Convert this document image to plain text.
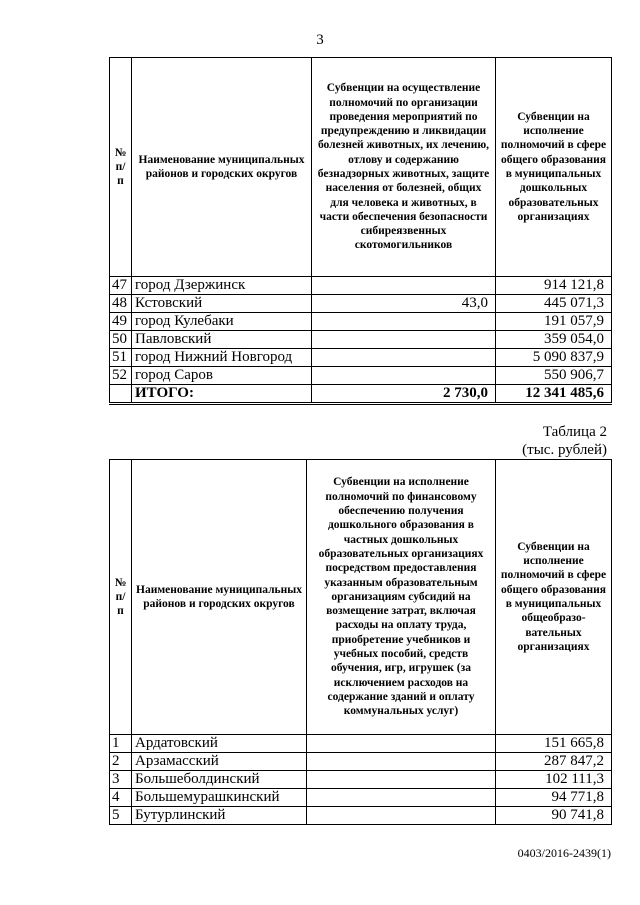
3
№ п/п	Наименование муниципальных районов и городских округов	Субвенции на осуществление полномочий по организации проведения мероприятий по предупреждению и ликвидации болезней животных, их лечению, отлову и содержанию безнадзорных животных, защите населения от болезней, общих для человека и животных, в части обеспечения безопасности сибиреязвенных скотомогильников	Субвенции на исполнение полномочий в сфере общего образования в муниципальных дошкольных образовательных организациях
47	город Дзержинск		914 121,8
48	Кстовский	43,0	445 071,3
49	город Кулебаки		191 057,9
50	Павловский		359 054,0
51	город Нижний Новгород		5 090 837,9
52	город Саров		550 906,7
	ИТОГО:	2 730,0	12 341 485,6
Таблица 2
(тыс. рублей)
№ п/п	Наименование муниципальных районов и городских округов	Субвенции на исполнение полномочий по финансовому обеспечению получения дошкольного образования в частных дошкольных образовательных организациях посредством предоставления указанным образовательным организациям субсидий на возмещение затрат, включая расходы на оплату труда, приобретение учебников и учебных пособий, средств обучения, игр, игрушек (за исключением расходов на содержание зданий и оплату коммунальных услуг)	Субвенции на исполнение полномочий в сфере общего образования в муниципальных общеобразо-вательных организациях
1	Ардатовский		151 665,8
2	Арзамасский		287 847,2
3	Большеболдинский		102 111,3
4	Большемурашкинский		94 771,8
5	Бутурлинский		90 741,8
0403/2016-2439(1)
